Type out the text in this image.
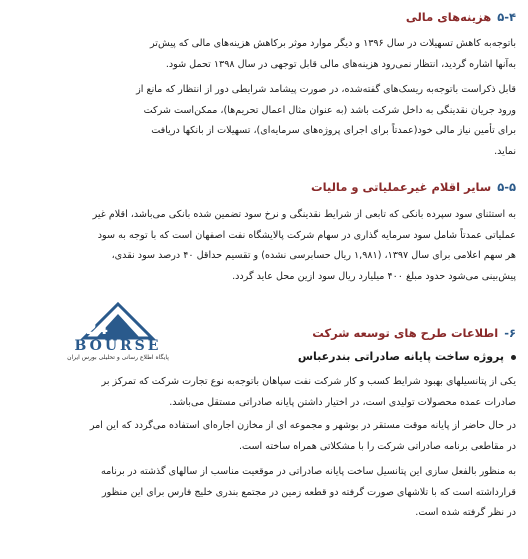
۵-۴هزینه‌های مالی
باتوجه‌به کاهش تسهیلات در سال ۱۳۹۶ و دیگر موارد موثر برکاهش هزینه‌های مالی که پیش‌تر
به‌آنها اشاره گردید، انتظار نمی‌رود هزینه‌های مالی قابل توجهی در سال ۱۳۹۸ تحمل شود.
قابل ذکراست باتوجه‌به ریسک‌های گفته‌شده، در صورت پیشامد شرایطی دور از انتظار که مانع از
ورود جریان نقدینگی به داخل شرکت باشد (به عنوان مثال اعمال تحریم‌ها)، ممکن‌است شرکت
برای تأمین نیاز مالی خود(عمدتاً برای اجرای پروژه‌های سرمایه‌ای)، تسهیلات از بانکها دریافت
نماید.
۵-۵سایر اقلام غیرعملیاتی و مالیات
به استثنای سود سپرده بانکی که تابعی از شرایط نقدینگی و نرخ سود تضمین شده بانکی می‌باشد، اقلام غیر
عملیاتی عمدتاً شامل سود سرمایه گذاری در سهام شرکت پالایشگاه نفت اصفهان است که با توجه به سود
هر سهم اعلامی برای سال ۱۳۹۷، (۱,۹۸۱ ریال حسابرسی نشده) و تقسیم حداقل ۴۰ درصد سود نقدی،
پیش‌بینی می‌شود حدود مبلغ ۴۰۰ میلیارد ریال سود ازین محل عاید گردد.
24
BOURSE
پایگاه اطلاع رسانی و تحلیلی بورس ایران
۶-اطلاعات طرح های توسعه شرکت
پروژه ساخت پایانه صادراتی بندرعباس
یکی از پتانسیلهای بهبود شرایط کسب و کار شرکت نفت سپاهان باتوجه‌به نوع تجارت شرکت که تمرکز بر
صادرات عمده محصولات تولیدی است، در اختیار داشتن پایانه صادراتی مستقل می‌باشد.
در حال حاضر از پایانه موقت مستقر در بوشهر و مجموعه ای از مخازن اجاره‌ای استفاده می‌گردد که این امر
در مقاطعی برنامه صادراتی شرکت را با مشکلاتی همراه ساخته است.
به منظور بالفعل سازی این پتانسیل ساخت پایانه صادراتی در موقعیت مناسب از سالهای گذشته در برنامه
قرارداشته است که با تلاشهای صورت گرفته دو قطعه زمین در مجتمع بندری خلیج فارس برای این منظور
در نظر گرفته شده است.
